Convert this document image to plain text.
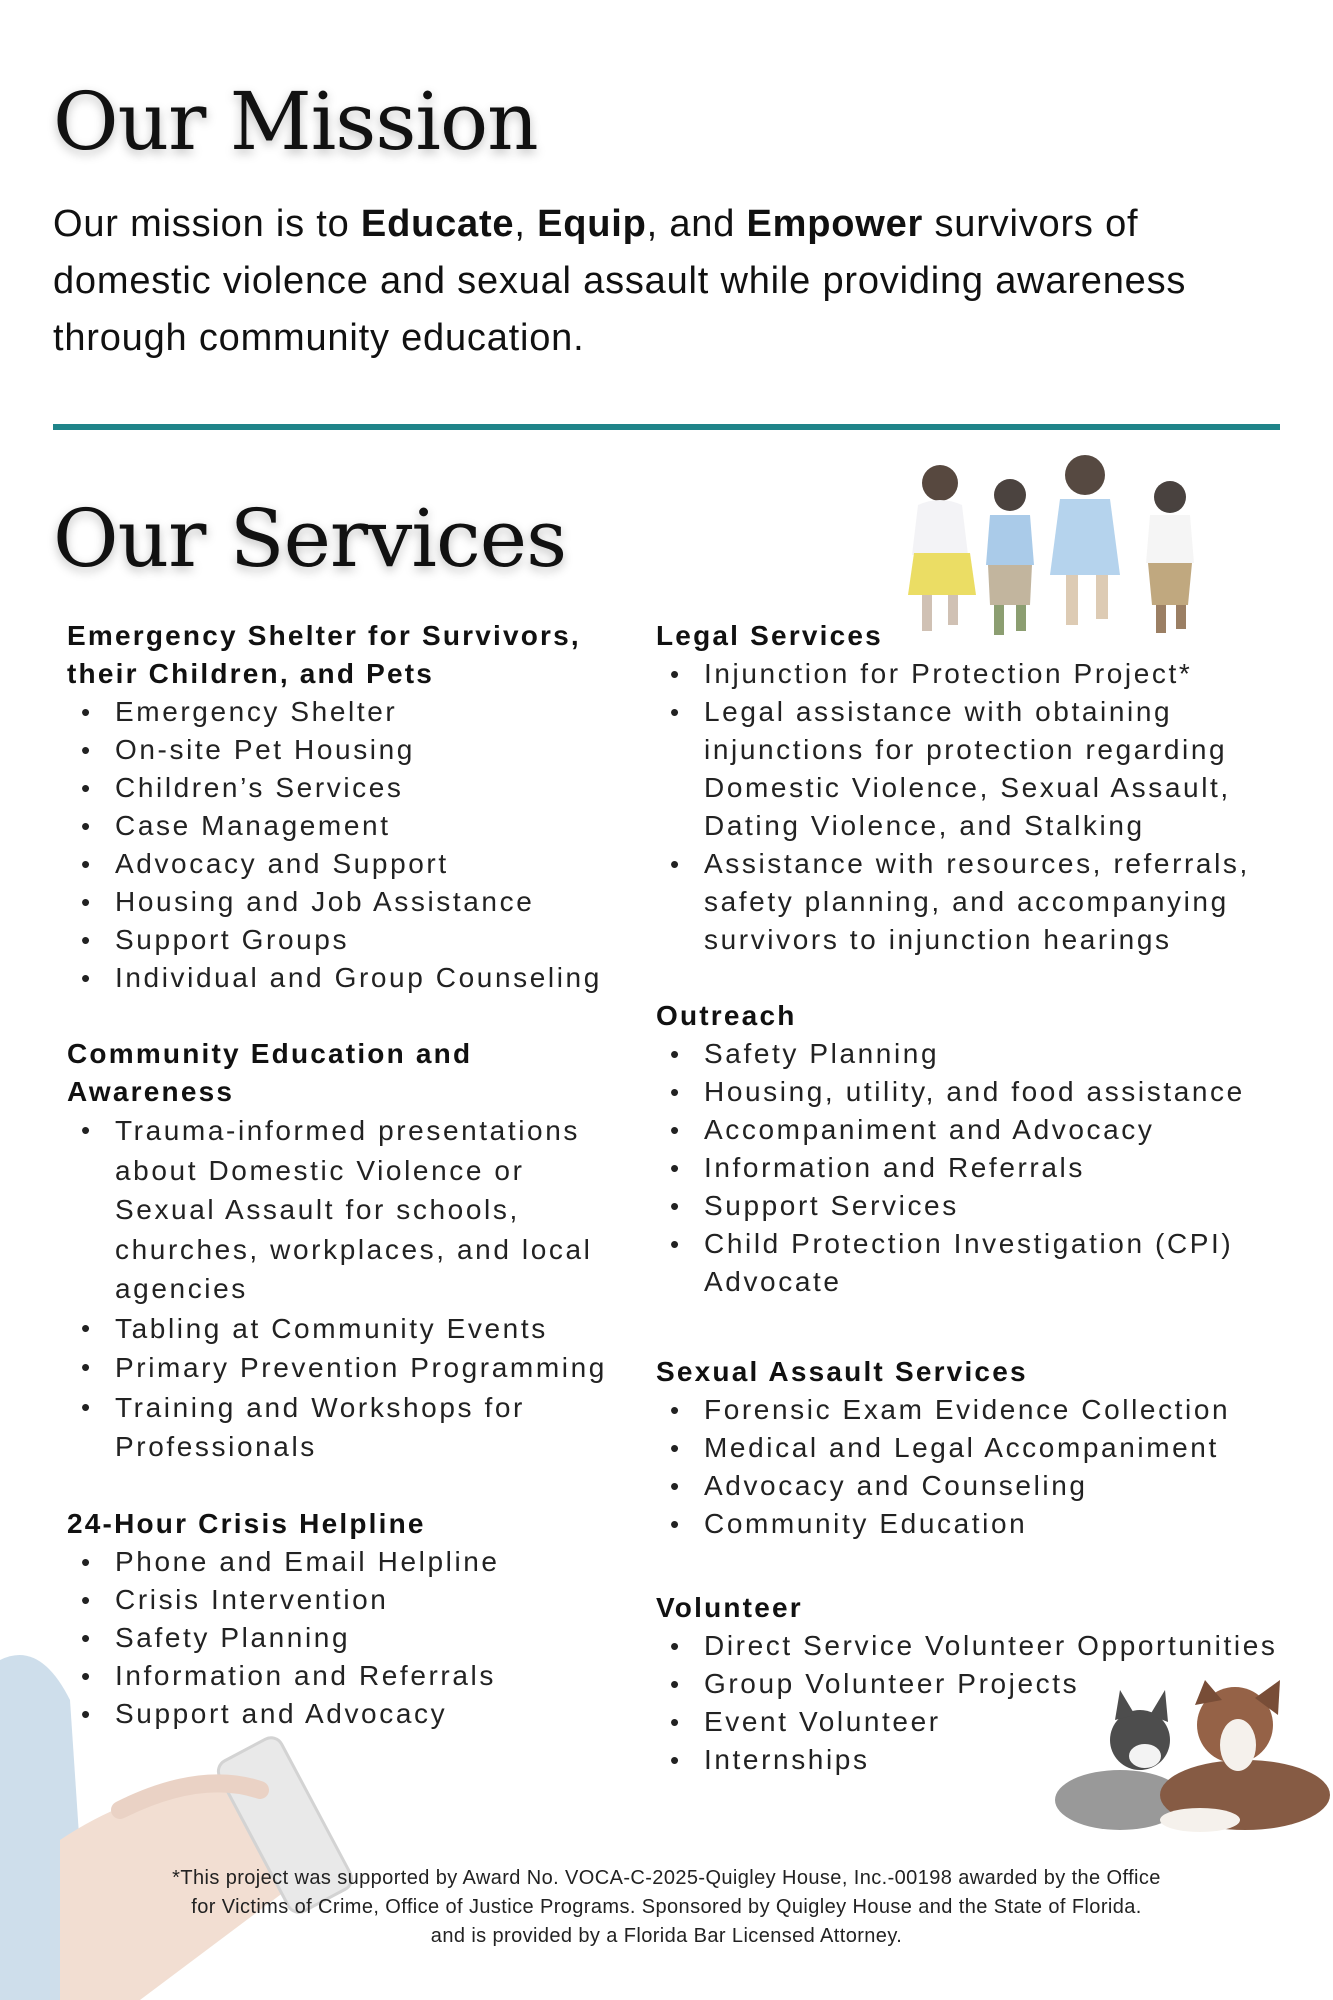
Our Mission

Our mission is to Educate, Equip, and Empower survivors of domestic violence and sexual assault while providing awareness through community education.

Our Services
Emergency Shelter for Survivors, their Children, and Pets
• Emergency Shelter
• On-site Pet Housing
• Children’s Services
• Case Management
• Advocacy and Support
• Housing and Job Assistance
• Support Groups
• Individual and Group Counseling
Community Education and Awareness
• Trauma-informed presentations about Domestic Violence or Sexual Assault for schools, churches, workplaces, and local agencies
• Tabling at Community Events
• Primary Prevention Programming
• Training and Workshops for Professionals
24-Hour Crisis Helpline
• Phone and Email Helpline
• Crisis Intervention
• Safety Planning
• Information and Referrals
• Support and Advocacy
Legal Services
• Injunction for Protection Project*
• Legal assistance with obtaining injunctions for protection regarding Domestic Violence, Sexual Assault, Dating Violence, and Stalking
• Assistance with resources, referrals, safety planning, and accompanying survivors to injunction hearings
Outreach
• Safety Planning
• Housing, utility, and food assistance
• Accompaniment and Advocacy
• Information and Referrals
• Support Services
• Child Protection Investigation (CPI) Advocate
Sexual Assault Services
• Forensic Exam Evidence Collection
• Medical and Legal Accompaniment
• Advocacy and Counseling
• Community Education
Volunteer
• Direct Service Volunteer Opportunities
• Group Volunteer Projects
• Event Volunteer
• Internships

*This project was supported by Award No. VOCA-C-2025-Quigley House, Inc.-00198 awarded by the Office
for Victims of Crime, Office of Justice Programs. Sponsored by Quigley House and the State of Florida.
and is provided by a Florida Bar Licensed Attorney.
